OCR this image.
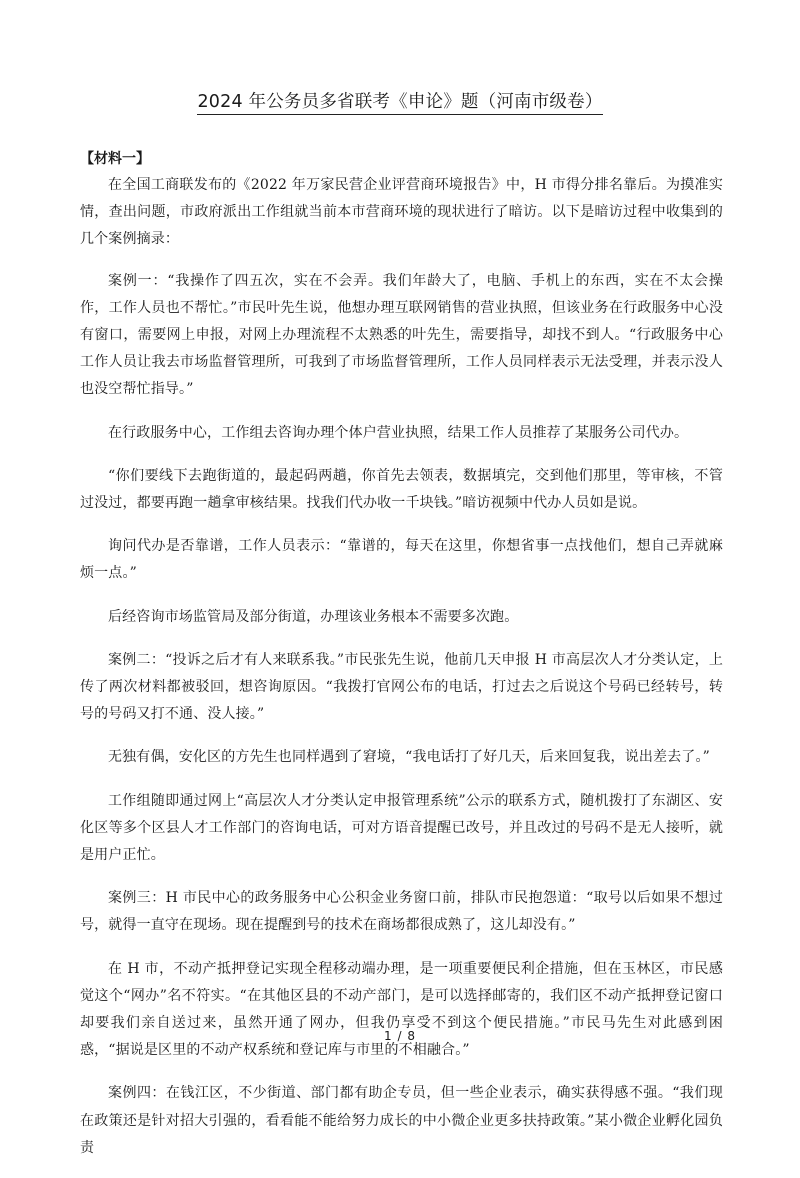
2024 年公务员多省联考《申论》题（河南市级卷）
【材料一】

在全国工商联发布的《2022 年万家民营企业评营商环境报告》中，H 市得分排名靠后。为摸准实情，查出问题，市政府派出工作组就当前本市营商环境的现状进行了暗访。以下是暗访过程中收集到的几个案例摘录：

案例一：“我操作了四五次，实在不会弄。我们年龄大了，电脑、手机上的东西，实在不太会操作，工作人员也不帮忙。”市民叶先生说，他想办理互联网销售的营业执照，但该业务在行政服务中心没有窗口，需要网上申报，对网上办理流程不太熟悉的叶先生，需要指导，却找不到人。“行政服务中心工作人员让我去市场监督管理所，可我到了市场监督管理所，工作人员同样表示无法受理，并表示没人也没空帮忙指导。”

在行政服务中心，工作组去咨询办理个体户营业执照，结果工作人员推荐了某服务公司代办。

“你们要线下去跑街道的，最起码两趟，你首先去领表，数据填完，交到他们那里，等审核，不管过没过，都要再跑一趟拿审核结果。找我们代办收一千块钱。”暗访视频中代办人员如是说。

询问代办是否靠谱，工作人员表示：“靠谱的，每天在这里，你想省事一点找他们，想自己弄就麻烦一点。”

后经咨询市场监管局及部分街道，办理该业务根本不需要多次跑。

案例二：“投诉之后才有人来联系我。”市民张先生说，他前几天申报 H 市高层次人才分类认定，上传了两次材料都被驳回，想咨询原因。“我拨打官网公布的电话，打过去之后说这个号码已经转号，转号的号码又打不通、没人接。”

无独有偶，安化区的方先生也同样遇到了窘境，“我电话打了好几天，后来回复我，说出差去了。”

工作组随即通过网上“高层次人才分类认定申报管理系统”公示的联系方式，随机拨打了东湖区、安化区等多个区县人才工作部门的咨询电话，可对方语音提醒已改号，并且改过的号码不是无人接听，就是用户正忙。

案例三：H 市民中心的政务服务中心公积金业务窗口前，排队市民抱怨道：“取号以后如果不想过号，就得一直守在现场。现在提醒到号的技术在商场都很成熟了，这儿却没有。”

在 H 市，不动产抵押登记实现全程移动端办理，是一项重要便民利企措施，但在玉林区，市民感觉这个“网办”名不符实。“在其他区县的不动产部门，是可以选择邮寄的，我们区不动产抵押登记窗口却要我们亲自送过来，虽然开通了网办，但我仍享受不到这个便民措施。”市民马先生对此感到困惑，“据说是区里的不动产权系统和登记库与市里的不相融合。”

案例四：在钱江区，不少街道、部门都有助企专员，但一些企业表示，确实获得感不强。“我们现在政策还是针对招大引强的，看看能不能给努力成长的中小微企业更多扶持政策。”某小微企业孵化园负责

1 / 8
